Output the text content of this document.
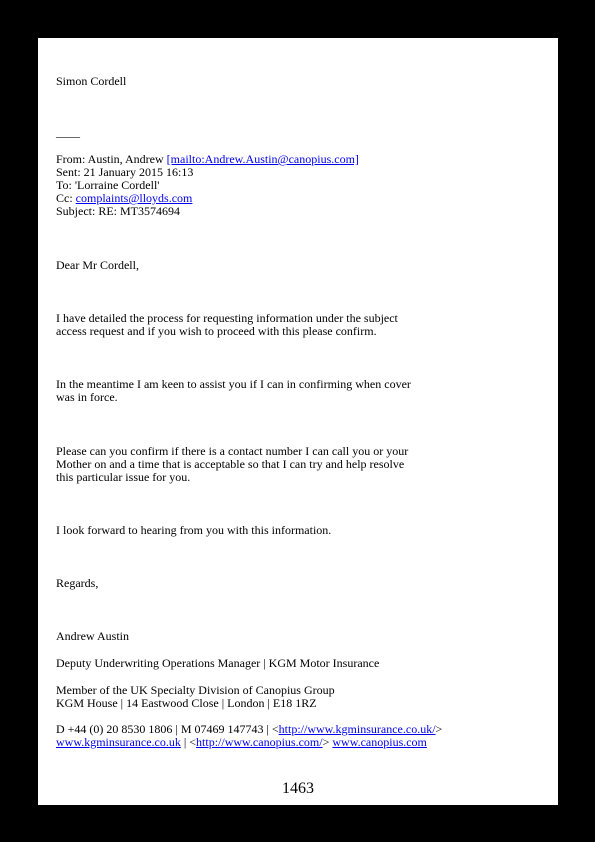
Simon Cordell
——
From: Austin, Andrew [mailto:Andrew.Austin@canopius.com]
Sent: 21 January 2015 16:13
To: 'Lorraine Cordell'
Cc: complaints@lloyds.com
Subject: RE: MT3574694
Dear Mr Cordell,
I have detailed the process for requesting information under the subject
access request and if you wish to proceed with this please confirm.
In the meantime I am keen to assist you if I can in confirming when cover
was in force.
Please can you confirm if there is a contact number I can call you or your
Mother on and a time that is acceptable so that I can try and help resolve
this particular issue for you.
I look forward to hearing from you with this information.
Regards,
Andrew Austin
Deputy Underwriting Operations Manager | KGM Motor Insurance
Member of the UK Specialty Division of Canopius Group
KGM House | 14 Eastwood Close | London | E18 1RZ
D +44 (0) 20 8530 1806 | M 07469 147743 | <http://www.kgminsurance.co.uk/>
www.kgminsurance.co.uk | <http://www.canopius.com/> www.canopius.com
1463
